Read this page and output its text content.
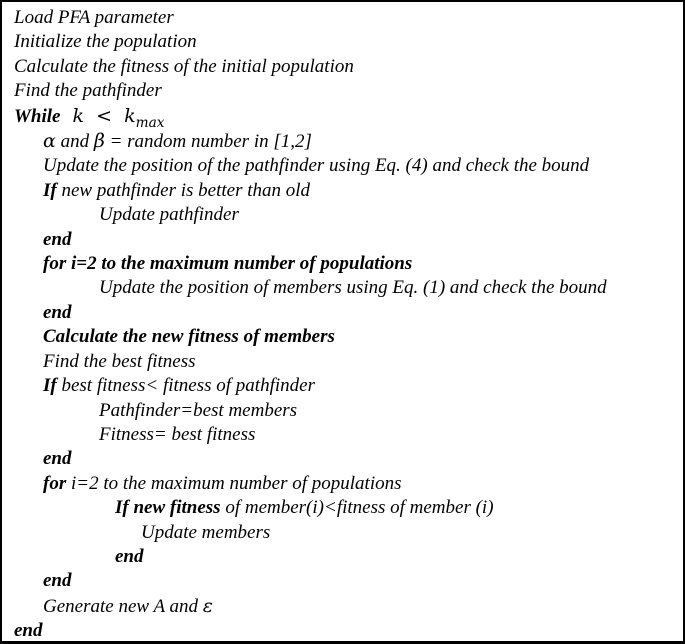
Load PFA parameter
Initialize the population
Calculate the fitness of the initial population
Find the pathfinder
While  $k < k_{max}$
α and β = random number in [1,2]
Update the position of the pathfinder using Eq. (4) and check the bound
If new pathfinder is better than old
Update pathfinder
end
for i=2 to the maximum number of populations
Update the position of members using Eq. (1) and check the bound
end
Calculate the new fitness of members
Find the best fitness
If best fitness< fitness of pathfinder
Pathfinder=best members
Fitness= best fitness
end
for i=2 to the maximum number of populations
If new fitness of member(i)<fitness of member (i)
Update members
end
end
Generate new A and ε
end
